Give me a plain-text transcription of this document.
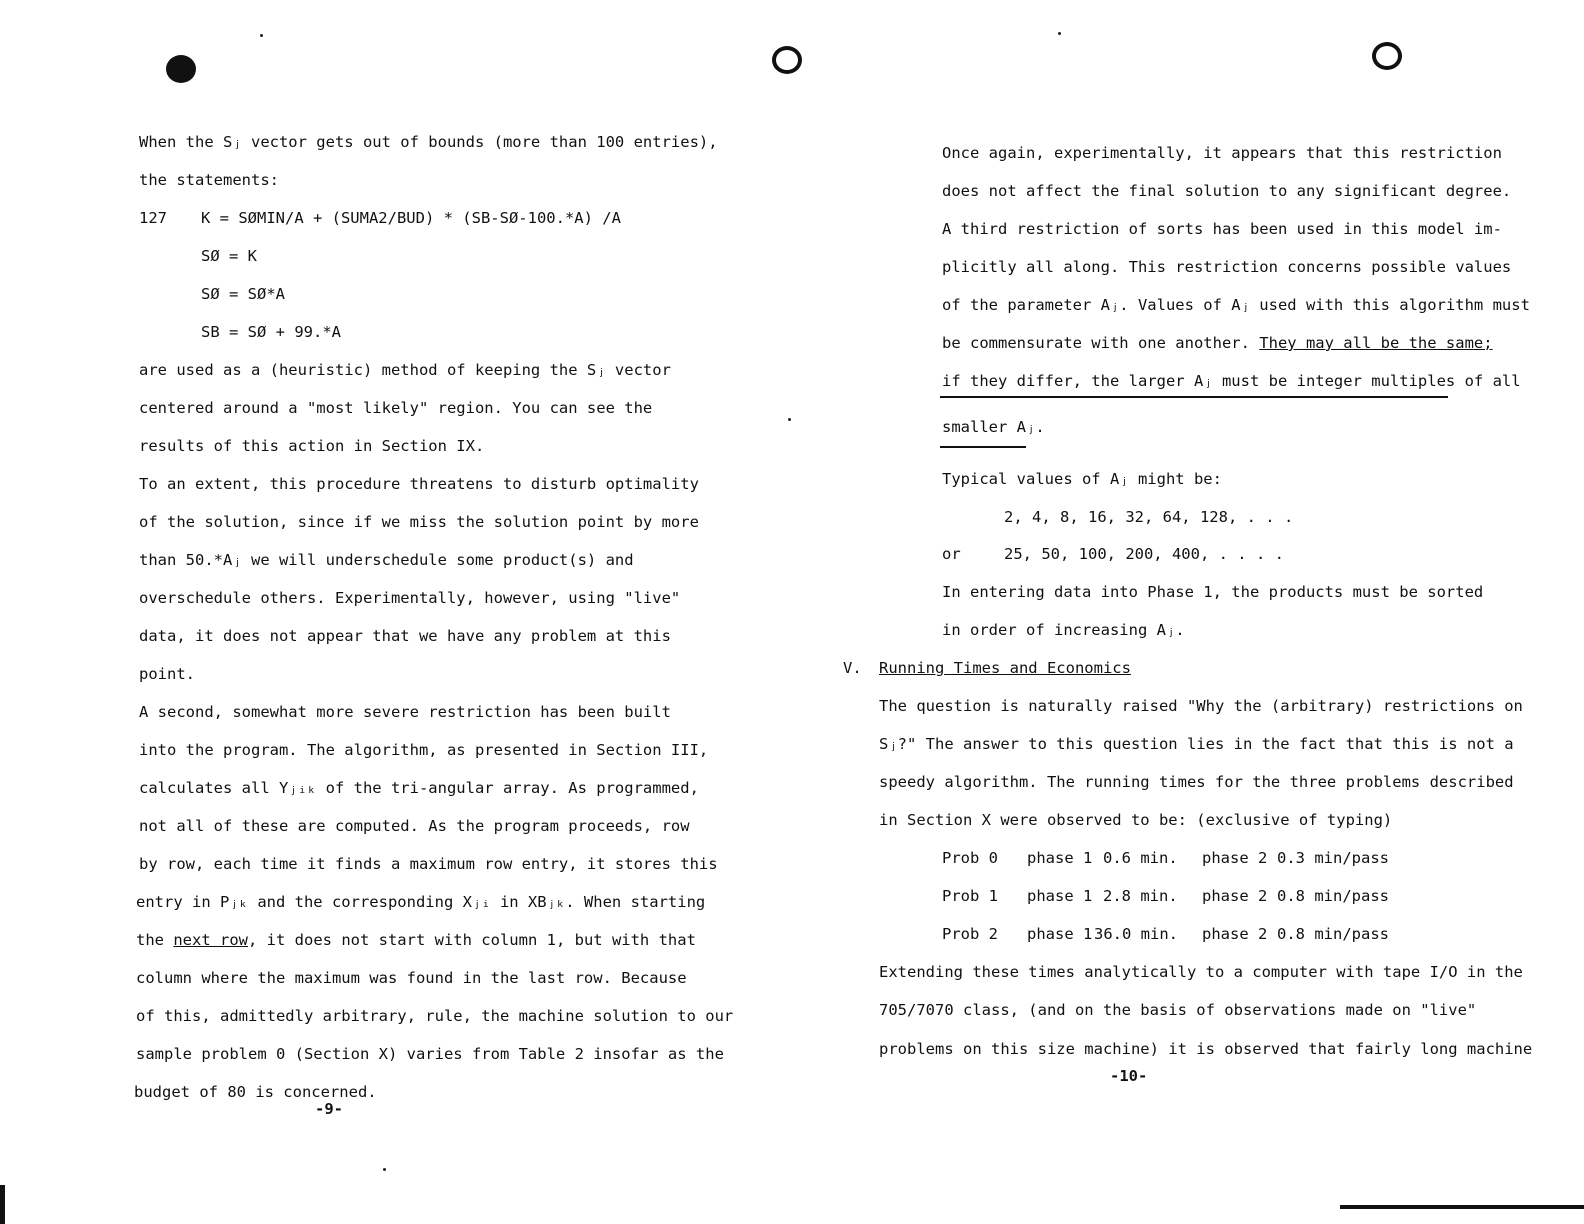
When the Sⱼ vector gets out of bounds (more than 100 entries),
the statements:
127 K = SØMIN/A + (SUMA2/BUD) * (SB-SØ-100.*A) /A
SØ = K
SØ = SØ*A
SB = SØ + 99.*A
are used as a (heuristic) method of keeping the Sⱼ vector
centered around a "most likely" region. You can see the
results of this action in Section IX.
To an extent, this procedure threatens to disturb optimality
of the solution, since if we miss the solution point by more
than 50.*Aⱼ we will underschedule some product(s) and
overschedule others. Experimentally, however, using "live"
data, it does not appear that we have any problem at this
point.
A second, somewhat more severe restriction has been built
into the program. The algorithm, as presented in Section III,
calculates all Yⱼᵢₖ of the tri-angular array. As programmed,
not all of these are computed. As the program proceeds, row
by row, each time it finds a maximum row entry, it stores this
entry in Pⱼₖ and the corresponding Xⱼᵢ in XBⱼₖ. When starting
the next row, it does not start with column 1, but with that
column where the maximum was found in the last row. Because
of this, admittedly arbitrary, rule, the machine solution to our
sample problem 0 (Section X) varies from Table 2 insofar as the
budget of 80 is concerned.
-9-
Once again, experimentally, it appears that this restriction
does not affect the final solution to any significant degree.
A third restriction of sorts has been used in this model im-
plicitly all along. This restriction concerns possible values
of the parameter Aⱼ. Values of Aⱼ used with this algorithm must
be commensurate with one another. They may all be the same;
if they differ, the larger Aⱼ must be integer multiples of all
smaller Aⱼ.
Typical values of Aⱼ might be:
2, 4, 8, 16, 32, 64, 128, . . .
or	25, 50, 100, 200, 400, . . . .
In entering data into Phase 1, the products must be sorted
in order of increasing Aⱼ.
V. Running Times and Economics
The question is naturally raised "Why the (arbitrary) restrictions on
Sⱼ?" The answer to this question lies in the fact that this is not a
speedy algorithm. The running times for the three problems described
in Section X were observed to be: (exclusive of typing)
Prob 0 phase 1 0.6 min. phase 2 0.3 min/pass
Prob 1 phase 1 2.8 min. phase 2 0.8 min/pass
Prob 2 phase 1 36.0 min. phase 2 0.8 min/pass
Extending these times analytically to a computer with tape I/O in the
705/7070 class, (and on the basis of observations made on "live"
problems on this size machine) it is observed that fairly long machine
-10-
